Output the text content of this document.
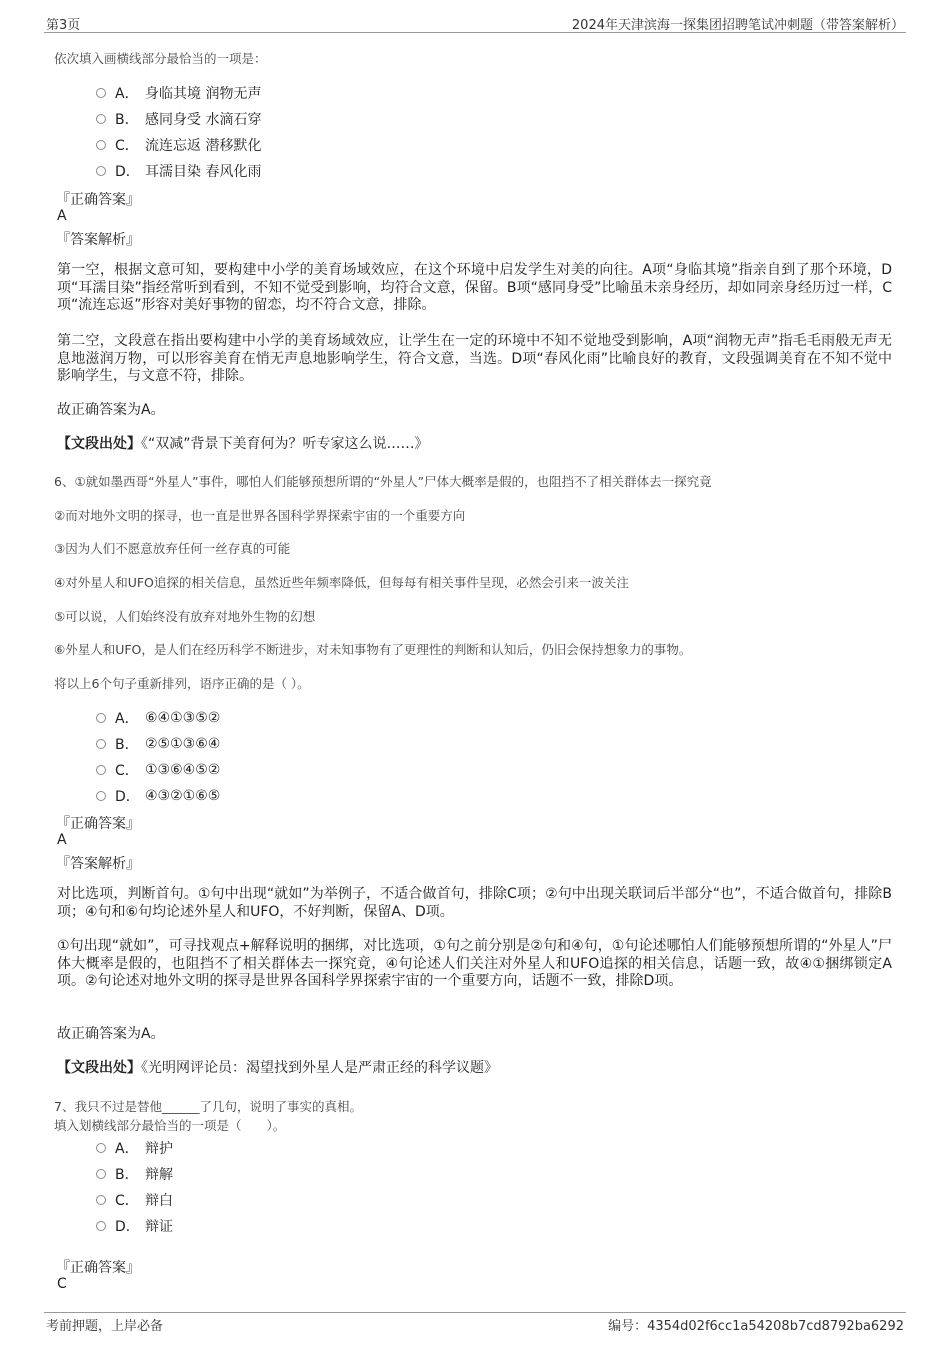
第3页	2024年天津滨海一探集团招聘笔试冲刺题（带答案解析）
依次填入画横线部分最恰当的一项是：
A． 身临其境 润物无声
B． 感同身受 水滴石穿
C． 流连忘返 潜移默化
D． 耳濡目染 春风化雨
『正确答案』
A
『答案解析』
第一空，根据文意可知，要构建中小学的美育场域效应，在这个环境中启发学生对美的向往。A项“身临其境”指亲自到了那个环境，D项“耳濡目染”指经常听到看到，不知不觉受到影响，均符合文意，保留。B项“感同身受”比喻虽未亲身经历，却如同亲身经历过一样，C项“流连忘返”形容对美好事物的留恋，均不符合文意，排除。
第二空，文段意在指出要构建中小学的美育场域效应，让学生在一定的环境中不知不觉地受到影响，A项“润物无声”指毛毛雨般无声无息地滋润万物，可以形容美育在悄无声息地影响学生，符合文意，当选。D项“春风化雨”比喻良好的教育，文段强调美育在不知不觉中影响学生，与文意不符，排除。
故正确答案为A。
【文段出处】《“双减”背景下美育何为？听专家这么说……》
6、①就如墨西哥“外星人”事件，哪怕人们能够预想所谓的“外星人”尸体大概率是假的，也阻挡不了相关群体去一探究竟
②而对地外文明的探寻，也一直是世界各国科学界探索宇宙的一个重要方向
③因为人们不愿意放弃任何一丝存真的可能
④对外星人和UFO追探的相关信息，虽然近些年频率降低，但每每有相关事件呈现，必然会引来一波关注
⑤可以说，人们始终没有放弃对地外生物的幻想
⑥外星人和UFO，是人们在经历科学不断进步，对未知事物有了更理性的判断和认知后，仍旧会保持想象力的事物。
将以上6个句子重新排列，语序正确的是（ ）。
A． ⑥④①③⑤②
B． ②⑤①③⑥④
C． ①③⑥④⑤②
D． ④③②①⑥⑤
『正确答案』
A
『答案解析』
对比选项，判断首句。①句中出现“就如”为举例子，不适合做首句，排除C项；②句中出现关联词后半部分“也”，不适合做首句，排除B项；④句和⑥句均论述外星人和UFO，不好判断，保留A、D项。
①句出现“就如”，可寻找观点+解释说明的捆绑，对比选项，①句之前分别是②句和④句，①句论述哪怕人们能够预想所谓的“外星人”尸体大概率是假的，也阻挡不了相关群体去一探究竟，④句论述人们关注对外星人和UFO追探的相关信息，话题一致，故④①捆绑锁定A项。②句论述对地外文明的探寻是世界各国科学界探索宇宙的一个重要方向，话题不一致，排除D项。
故正确答案为A。
【文段出处】《光明网评论员：渴望找到外星人是严肃正经的科学议题》
7、我只不过是替他______了几句，说明了事实的真相。
填入划横线部分最恰当的一项是（　　）。
A． 辩护
B． 辩解
C． 辩白
D． 辩证
『正确答案』
C
考前押题，上岸必备	编号：4354d02f6cc1a54208b7cd8792ba6292
